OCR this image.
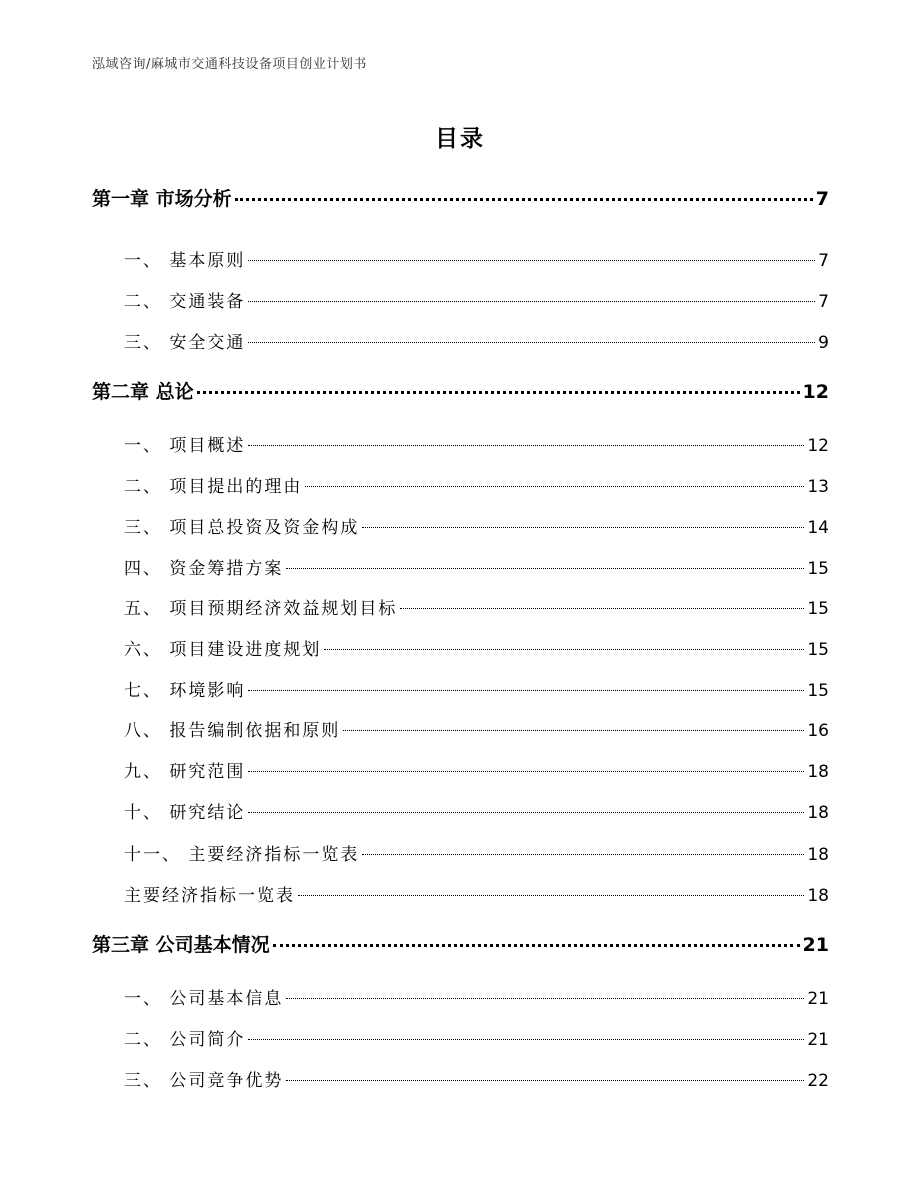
泓域咨询/麻城市交通科技设备项目创业计划书
目录
第一章 市场分析	7
一、 基本原则	7
二、 交通装备	7
三、 安全交通	9
第二章 总论	12
一、 项目概述	12
二、 项目提出的理由	13
三、 项目总投资及资金构成	14
四、 资金筹措方案	15
五、 项目预期经济效益规划目标	15
六、 项目建设进度规划	15
七、 环境影响	15
八、 报告编制依据和原则	16
九、 研究范围	18
十、 研究结论	18
十一、 主要经济指标一览表	18
主要经济指标一览表	18
第三章 公司基本情况	21
一、 公司基本信息	21
二、 公司简介	21
三、 公司竞争优势	22
